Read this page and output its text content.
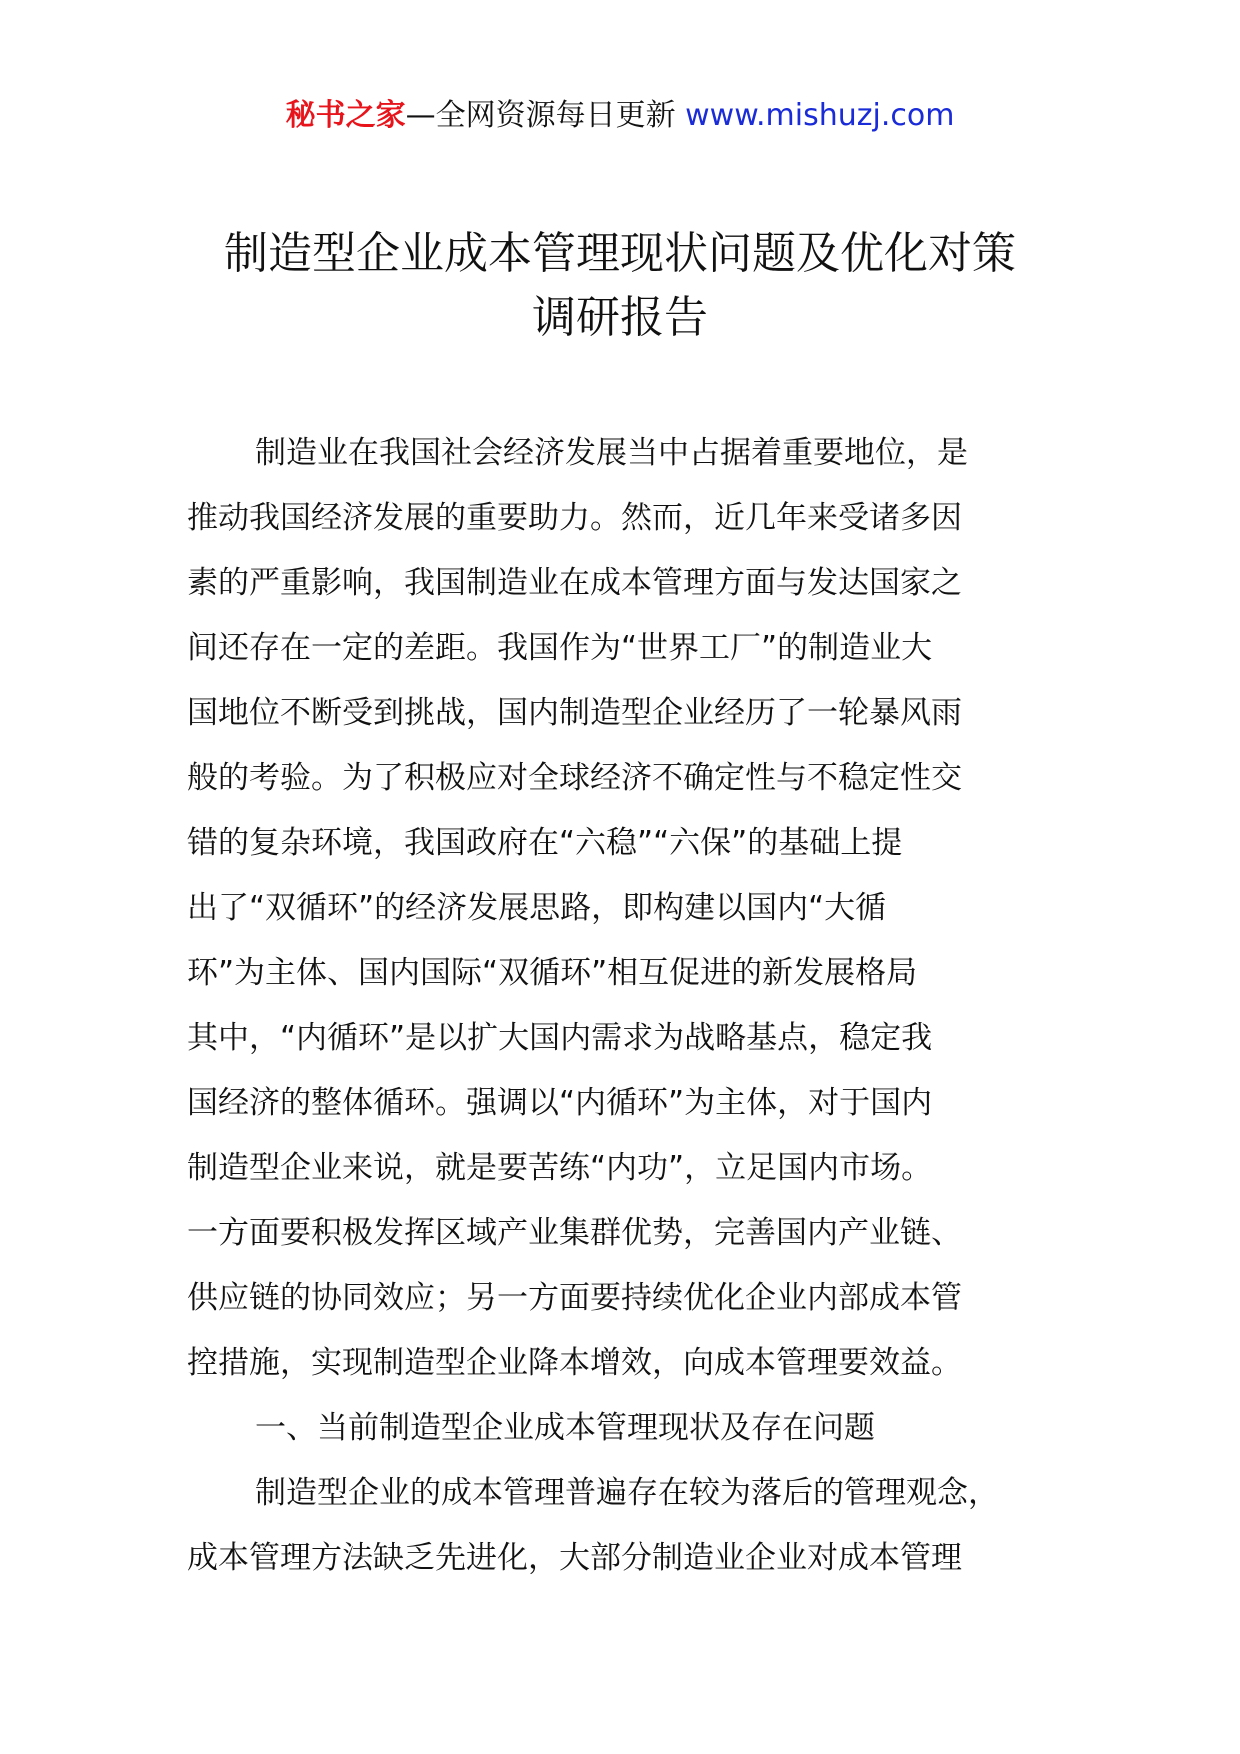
秘书之家—全网资源每日更新 www.mishuzj.com
制造型企业成本管理现状问题及优化对策
调研报告
制造业在我国社会经济发展当中占据着重要地位，是
推动我国经济发展的重要助力。然而，近几年来受诸多因
素的严重影响，我国制造业在成本管理方面与发达国家之
间还存在一定的差距。我国作为“世界工厂”的制造业大
国地位不断受到挑战，国内制造型企业经历了一轮暴风雨
般的考验。为了积极应对全球经济不确定性与不稳定性交
错的复杂环境，我国政府在“六稳”“六保”的基础上提
出了“双循环”的经济发展思路，即构建以国内“大循
环”为主体、国内国际“双循环”相互促进的新发展格局
其中，“内循环”是以扩大国内需求为战略基点，稳定我
国经济的整体循环。强调以“内循环”为主体，对于国内
制造型企业来说，就是要苦练“内功”，立足国内市场。
一方面要积极发挥区域产业集群优势，完善国内产业链、
供应链的协同效应；另一方面要持续优化企业内部成本管
控措施，实现制造型企业降本增效，向成本管理要效益。
一、当前制造型企业成本管理现状及存在问题
制造型企业的成本管理普遍存在较为落后的管理观念，
成本管理方法缺乏先进化，大部分制造业企业对成本管理
